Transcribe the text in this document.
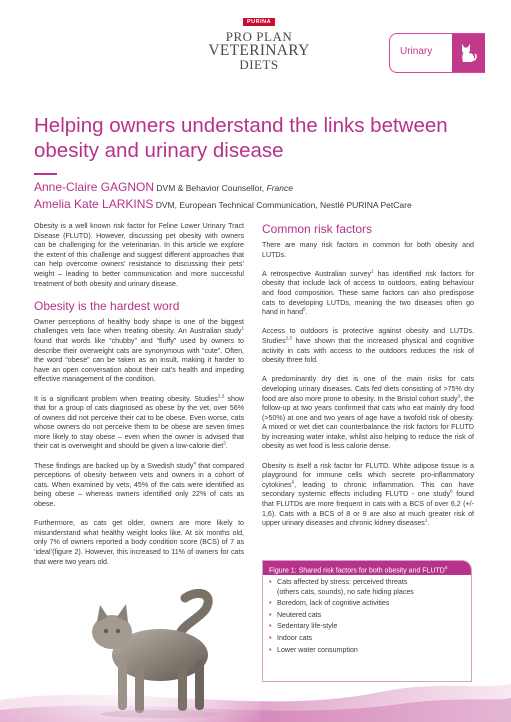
PURINA
PRO PLAN
VETERINARY
DIETS
Urinary
Helping owners understand the links between obesity and urinary disease
Anne-Claire GAGNON DVM & Behavior Counsellor, France
Amelia Kate LARKINS DVM, European Technical Communication, Nestlé PURINA PetCare

Obesity is a well known risk factor for Feline Lower Urinary Tract Disease (FLUTD). However, discussing pet obesity with owners can be challenging for the veterinarian. In this article we explore the extent of this challenge and suggest different approaches that can help overcome owners’ resistance to discussing their pets’ weight – leading to better communication and more successful treatment of both obesity and urinary disease.

Obesity is the hardest word

Owner perceptions of healthy body shape is one of the biggest challenges vets face when treating obesity. An Australian study$^1$ found that words like “chubby” and “fluffy” used by owners to describe their overweight cats are synonymous with “cute”. Often, the word “obese” can be taken as an insult, making it harder to have an open conversation about their cat’s health and impeding effective management of the condition.

It is a significant problem when treating obesity. Studies$^{2,3}$ show that for a group of cats diagnosed as obese by the vet, over 56% of owners did not perceive their cat to be obese. Even worse, cats whose owners do not perceive them to be obese are seven times more likely to stay obese – even when the owner is advised that their cat is overweight and should be given a low-calorie diet$^3$.

These findings are backed up by a Swedish study$^4$ that compared perceptions of obesity between vets and owners in a cohort of cats. When examined by vets, 45% of the cats were identified as being obese – whereas owners identified only 22% of cats as obese.

Furthermore, as cats get older, owners are more likely to misunderstand what healthy weight looks like. At six months old, only 7% of owners reported a body condition score (BCS) of 7 as ‘ideal’(figure 2). However, this increased to 11% of owners for cats that were two years old.

Common risk factors

There are many risk factors in common for both obesity and LUTDs.

A retrospective Australian survey$^1$ has identified risk factors for obesity that include lack of access to outdoors, eating behaviour and food composition. These same factors can also predispose cats to developing LUTDs, meaning the two diseases often go hand in hand$^5$.

Access to outdoors is protective against obesity and LUTDs. Studies$^{2,3}$ have shown that the increased physical and cognitive activity in cats with access to the outdoors reduces the risk of obesity three fold.

A predominantly dry diet is one of the main risks for cats developing urinary diseases. Cats fed diets consisting of >75% dry food are also more prone to obesity. In the Bristol cohort study$^3$, the follow-up at two years confirmed that cats who eat mainly dry food (>50%) at one and two years of age have a twofold risk of obesity. A mixed or wet diet can counterbalance the risk factors for FLUTD by increasing water intake, whilst also helping to reduce the risk of obesity as wet food is less calorie dense.

Obesity is itself a risk factor for FLUTD. White adipose tissue is a playground for immune cells which secrete pro-inflammatory cytokines$^6$, leading to chronic inflammation. This can have secondary systemic effects including FLUTD - one study$^6$ found that FLUTDs are more frequent in cats with a BCS of over 6,2 (+/- 1,6). Cats with a BCS of 8 or 9 are also at much greater risk of upper urinary diseases and chronic kidney diseases$^1$.

Figure 1: Shared risk factors for both obesity and FLUTD$^5$
• Cats affected by stress: perceived threats
(others cats, sounds), no safe hiding places
• Boredom, lack of cognitive activities
• Neutered cats
• Sedentary life-style
• Indoor cats
• Lower water consumption
